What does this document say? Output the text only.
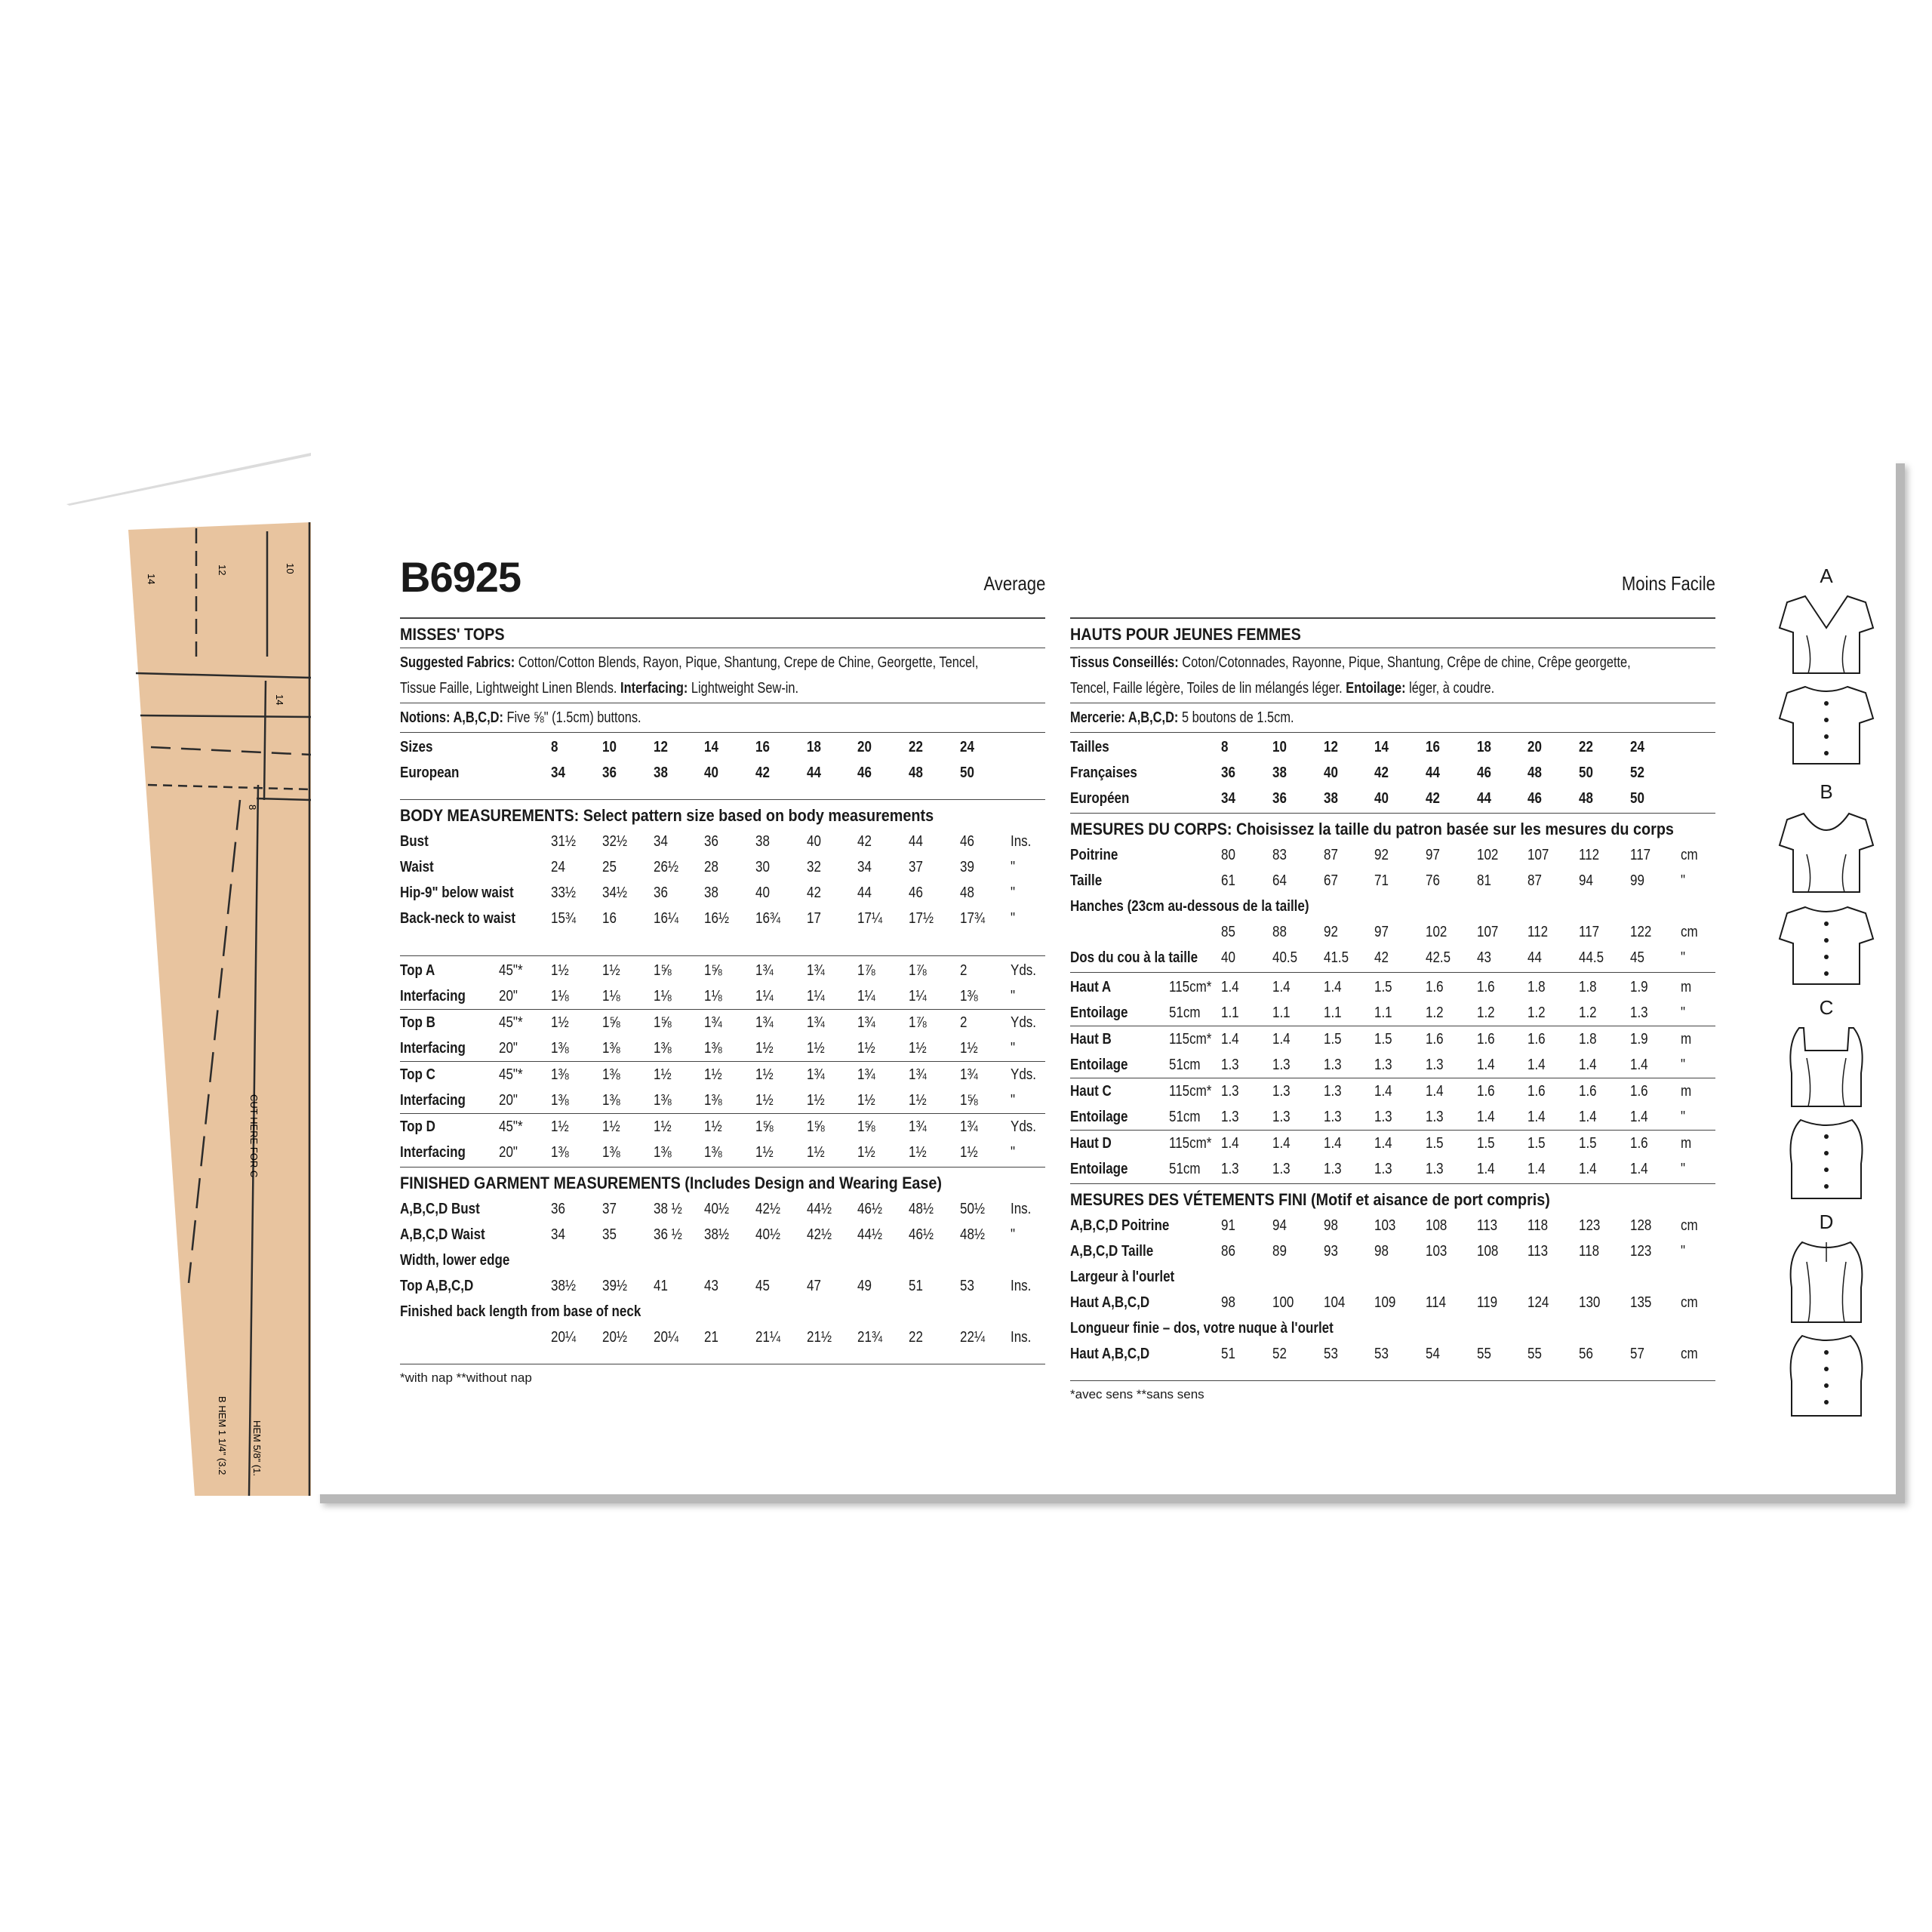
14
12	10
14
8
CUT HERE FOR C
B HEM 1 1/4" (3.2 HEM 5/8" (1.
B6925	Average
MISSES' TOPS
Suggested Fabrics: Cotton/Cotton Blends, Rayon, Pique, Shantung, Crepe de Chine, Georgette, Tencel,
Tissue Faille, Lightweight Linen Blends. Interfacing: Lightweight Sew-in.
Notions: A,B,C,D: Five ⅝" (1.5cm) buttons.
Sizes		8	10	12	14	16	18	20	22	24	
European		34	36	38	40	42	44	46	48	50	
BODY MEASUREMENTS: Select pattern size based on body measurements
Bust		31½	32½	34	36	38	40	42	44	46	Ins.
Waist		24	25	26½	28	30	32	34	37	39	"
Hip-9" below waist		33½	34½	36	38	40	42	44	46	48	"
Back-neck to waist		15¾	16	16¼	16½	16¾	17	17¼	17½	17¾	"
Top A	45"*	1½	1½	1⅝	1⅝	1¾	1¾	1⅞	1⅞	2	Yds.
Interfacing	20"	1⅛	1⅛	1⅛	1⅛	1¼	1¼	1¼	1¼	1⅜	"
Top B	45"*	1½	1⅝	1⅝	1¾	1¾	1¾	1¾	1⅞	2	Yds.
Interfacing	20"	1⅜	1⅜	1⅜	1⅜	1½	1½	1½	1½	1½	"
Top C	45"*	1⅜	1⅜	1½	1½	1½	1¾	1¾	1¾	1¾	Yds.
Interfacing	20"	1⅜	1⅜	1⅜	1⅜	1½	1½	1½	1½	1⅝	"
Top D	45"*	1½	1½	1½	1½	1⅝	1⅝	1⅝	1¾	1¾	Yds.
Interfacing	20"	1⅜	1⅜	1⅜	1⅜	1½	1½	1½	1½	1½	"
FINISHED GARMENT MEASUREMENTS (Includes Design and Wearing Ease)
A,B,C,D Bust		36	37	38 ½	40½	42½	44½	46½	48½	50½	Ins.
A,B,C,D Waist		34	35	36 ½	38½	40½	42½	44½	46½	48½	"
Width, lower edge											
Top A,B,C,D		38½	39½	41	43	45	47	49	51	53	Ins.
Finished back length from base of neck											
		20¼	20½	20¼	21	21¼	21½	21¾	22	22¼	Ins.
*with nap **without nap
Moins Facile
HAUTS POUR JEUNES FEMMES
Tissus Conseillés: Coton/Cotonnades, Rayonne, Pique, Shantung, Crêpe de chine, Crêpe georgette,
Tencel, Faille légère, Toiles de lin mélangés léger. Entoilage: léger, à coudre.
Mercerie: A,B,C,D: 5 boutons de 1.5cm.
Tailles		8	10	12	14	16	18	20	22	24	
Françaises		36	38	40	42	44	46	48	50	52	
Européen		34	36	38	40	42	44	46	48	50	
MESURES DU CORPS: Choisissez la taille du patron basée sur les mesures du corps
Poitrine		80	83	87	92	97	102	107	112	117	cm
Taille		61	64	67	71	76	81	87	94	99	"
Hanches (23cm au-dessous de la taille)											
		85	88	92	97	102	107	112	117	122	cm
Dos du cou à la taille		40	40.5	41.5	42	42.5	43	44	44.5	45	"
Haut A	115cm*	1.4	1.4	1.4	1.5	1.6	1.6	1.8	1.8	1.9	m
Entoilage	51cm	1.1	1.1	1.1	1.1	1.2	1.2	1.2	1.2	1.3	"
Haut B	115cm*	1.4	1.4	1.5	1.5	1.6	1.6	1.6	1.8	1.9	m
Entoilage	51cm	1.3	1.3	1.3	1.3	1.3	1.4	1.4	1.4	1.4	"
Haut C	115cm*	1.3	1.3	1.3	1.4	1.4	1.6	1.6	1.6	1.6	m
Entoilage	51cm	1.3	1.3	1.3	1.3	1.3	1.4	1.4	1.4	1.4	"
Haut D	115cm*	1.4	1.4	1.4	1.4	1.5	1.5	1.5	1.5	1.6	m
Entoilage	51cm	1.3	1.3	1.3	1.3	1.3	1.4	1.4	1.4	1.4	"
MESURES DES VÉTEMENTS FINI (Motif et aisance de port compris)
A,B,C,D Poitrine		91	94	98	103	108	113	118	123	128	cm
A,B,C,D Taille		86	89	93	98	103	108	113	118	123	"
Largeur à l'ourlet											
Haut A,B,C,D		98	100	104	109	114	119	124	130	135	cm
Longueur finie – dos, votre nuque à l'ourlet											
Haut A,B,C,D		51	52	53	53	54	55	55	56	57	cm
*avec sens **sans sens
A
B
C
D
